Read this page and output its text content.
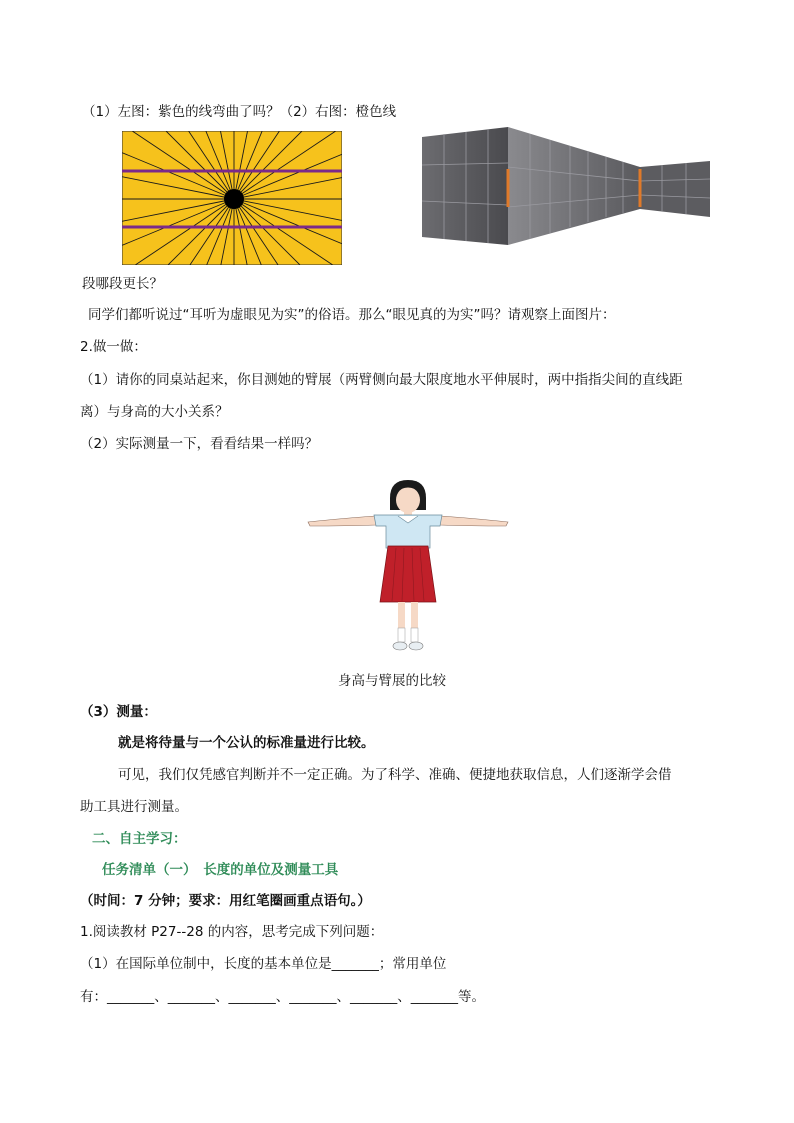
（1）左图：紫色的线弯曲了吗？（2）右图：橙色线
段哪段更长？
同学们都听说过“耳听为虚眼见为实”的俗语。那么“眼见真的为实”吗？请观察上面图片：
2.做一做：
（1）请你的同桌站起来，你目测她的臂展（两臂侧向最大限度地水平伸展时，两中指指尖间的直线距
离）与身高的大小关系？
（2）实际测量一下，看看结果一样吗？
身高与臂展的比较
（3）测量：
就是将待量与一个公认的标准量进行比较。
可见，我们仅凭感官判断并不一定正确。为了科学、准确、便捷地获取信息，人们逐渐学会借
助工具进行测量。
二、自主学习：
任务清单（一）　长度的单位及测量工具
（时间：7 分钟；要求：用红笔圈画重点语句。）
1.阅读教材 P27--28 的内容，思考完成下列问题：
（1）在国际单位制中，长度的基本单位是_______；常用单位
有：_______、_______、_______、_______、_______、_______等。
